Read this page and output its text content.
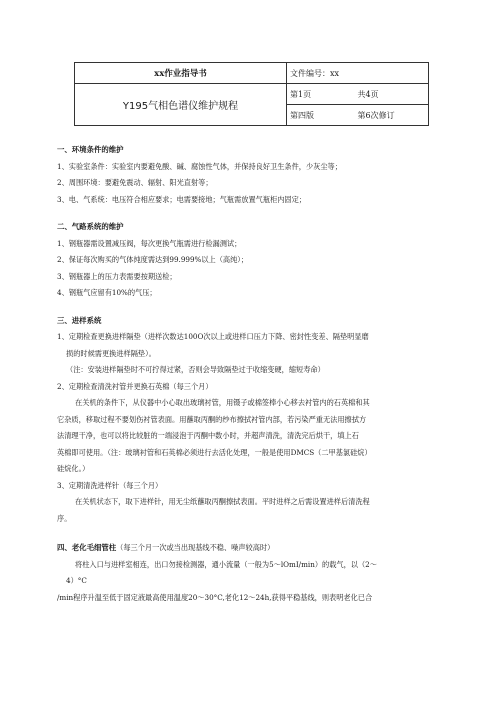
xx作业指导书	文件编号：xx
Y195气相色谱仪维护规程	第1页 共4页
	第四版 第6次修订

一、环境条件的维护

1、实验室条件：实验室内要避免酸、碱、腐蚀性气体，并保持良好卫生条件，少灰尘等；

2、周围环境：要避免震动、辐射、阳光直射等；

3、电、气系统：电压符合相应要求；电需要接地；气瓶需放置气瓶柜内固定；

二、气路系统的维护

1、钢瓶器需设置减压阀，每次更换气瓶需进行检漏测试；

2、保证每次购买的气体纯度需达到99.999%以上（高纯）；

3、钢瓶器上的压力表需要按期送检；

4、钢瓶气应留有10%的气压；

三、进样系统

1、定期检查更换进样隔垫（进样次数达100O次以上或进样口压力下降、密封性变差、隔垫明显磨

损的时候需更换进样隔垫）。

（注：安装进样隔垫时不可拧得过紧，否则会导致隔垫过于收缩变硬，缩短寿命）

2、定期检查清洗衬管并更换石英棉（每三个月）

在关机的条件下，从仪器中小心取出玻璃衬管，用镊子或棉签棒小心移去衬管内的石英棉和其

它杂质，移取过程不要划伤衬管表面。用蘸取丙酮的纱布擦拭衬管内部，若污染严重无法用擦拭方

法清理干净，也可以将比较脏的一端浸泡于丙酮中数小时，并超声清洗，清洗完后烘干，填上石

英棉即可使用。（注：玻璃衬管和石英棉必须进行去活化处理，一般是使用DMCS（二甲基氯硅烷）

硅烷化。）

3、定期清洗进样针（每三个月）

在关机状态下，取下进样针，用无尘纸蘸取丙酮擦拭表面。平时进样之后需设置进样后清洗程

序。

四、老化毛细管柱（每三个月一次或当出现基线不稳、噪声较高时）

将柱入口与进样室相连，出口勿接检测器，通小流量（一般为5～lOmI/min）的载气，以（2～

4）°C

/min程序升温至低于固定液最高使用温度20～30°C,老化12～24h,获得平稳基线，则表明老化已合
